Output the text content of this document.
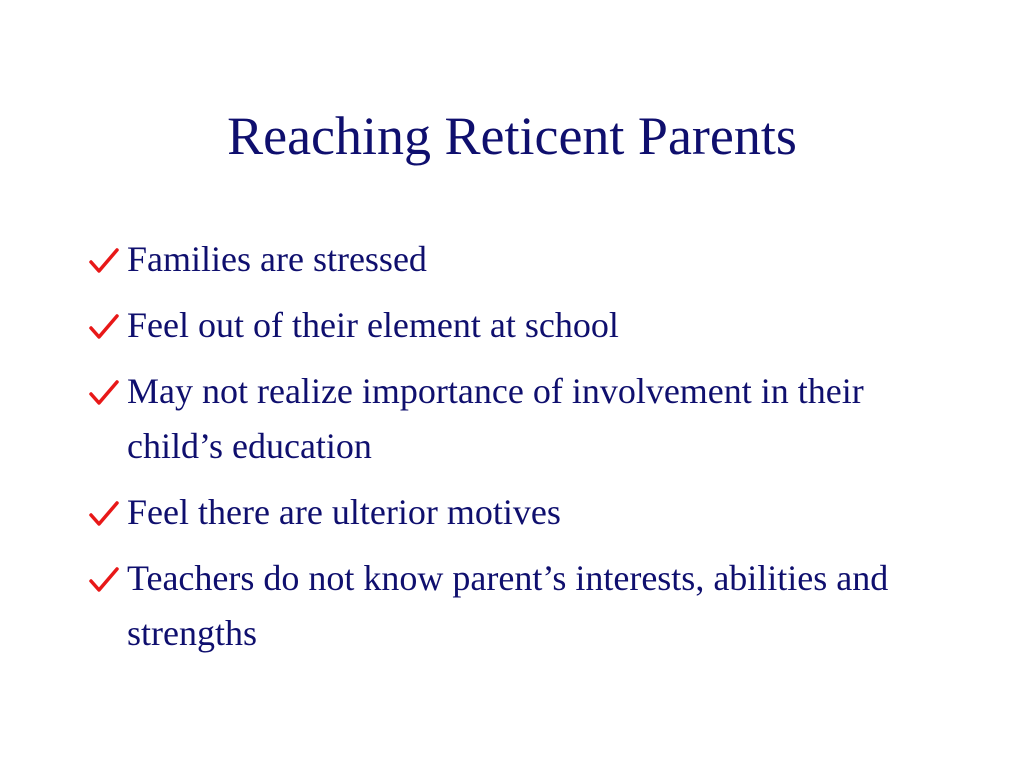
Reaching Reticent Parents
Families are stressed
Feel out of their element at school
May not realize importance of involvement in their child’s education
Feel there are ulterior motives
Teachers do not know parent’s interests, abilities and strengths
